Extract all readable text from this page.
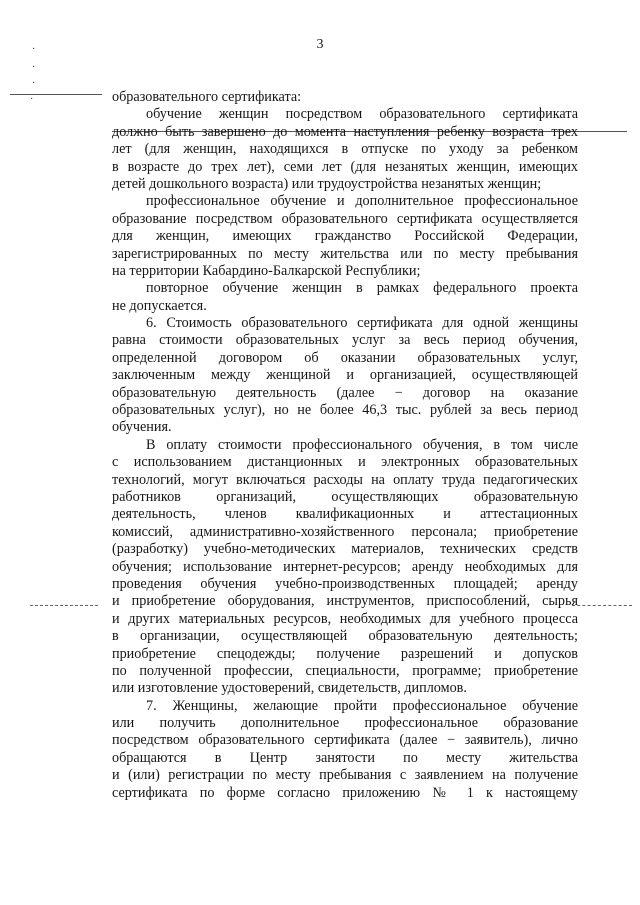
3
·
·
·
·	образовательного сертификата:
обучение женщин посредством образовательного сертификата
должно быть завершено до момента наступления ребенку возраста трех
лет (для женщин, находящихся в отпуске по уходу за ребенком
в возрасте до трех лет), семи лет (для незанятых женщин, имеющих
детей дошкольного возраста) или трудоустройства незанятых женщин;
профессиональное обучение и дополнительное профессиональное
образование посредством образовательного сертификата осуществляется
для женщин, имеющих гражданство Российской Федерации,
зарегистрированных по месту жительства или по месту пребывания
на территории Кабардино-Балкарской Республики;
повторное обучение женщин в рамках федерального проекта
не допускается.
6. Стоимость образовательного сертификата для одной женщины
равна стоимости образовательных услуг за весь период обучения,
определенной договором об оказании образовательных услуг,
заключенным между женщиной и организацией, осуществляющей
образовательную деятельность (далее − договор на оказание
образовательных услуг), но не более 46,3 тыс. рублей за весь период
обучения.
В оплату стоимости профессионального обучения, в том числе
с использованием дистанционных и электронных образовательных
технологий, могут включаться расходы на оплату труда педагогических
работников организаций, осуществляющих образовательную
деятельность, членов квалификационных и аттестационных
комиссий, административно-хозяйственного персонала; приобретение
(разработку) учебно-методических материалов, технических средств
обучения; использование интернет-ресурсов; аренду необходимых для
проведения обучения учебно-производственных площадей; аренду
и приобретение оборудования, инструментов, приспособлений, сырья
и других материальных ресурсов, необходимых для учебного процесса
в организации, осуществляющей образовательную деятельность;
приобретение спецодежды; получение разрешений и допусков
по полученной профессии, специальности, программе; приобретение
или изготовление удостоверений, свидетельств, дипломов.
7. Женщины, желающие пройти профессиональное обучение
или получить дополнительное профессиональное образование
посредством образовательного сертификата (далее − заявитель), лично
обращаются в Центр занятости по месту жительства
и (или) регистрации по месту пребывания с заявлением на получение
сертификата по форме согласно приложению № 1 к настоящему
